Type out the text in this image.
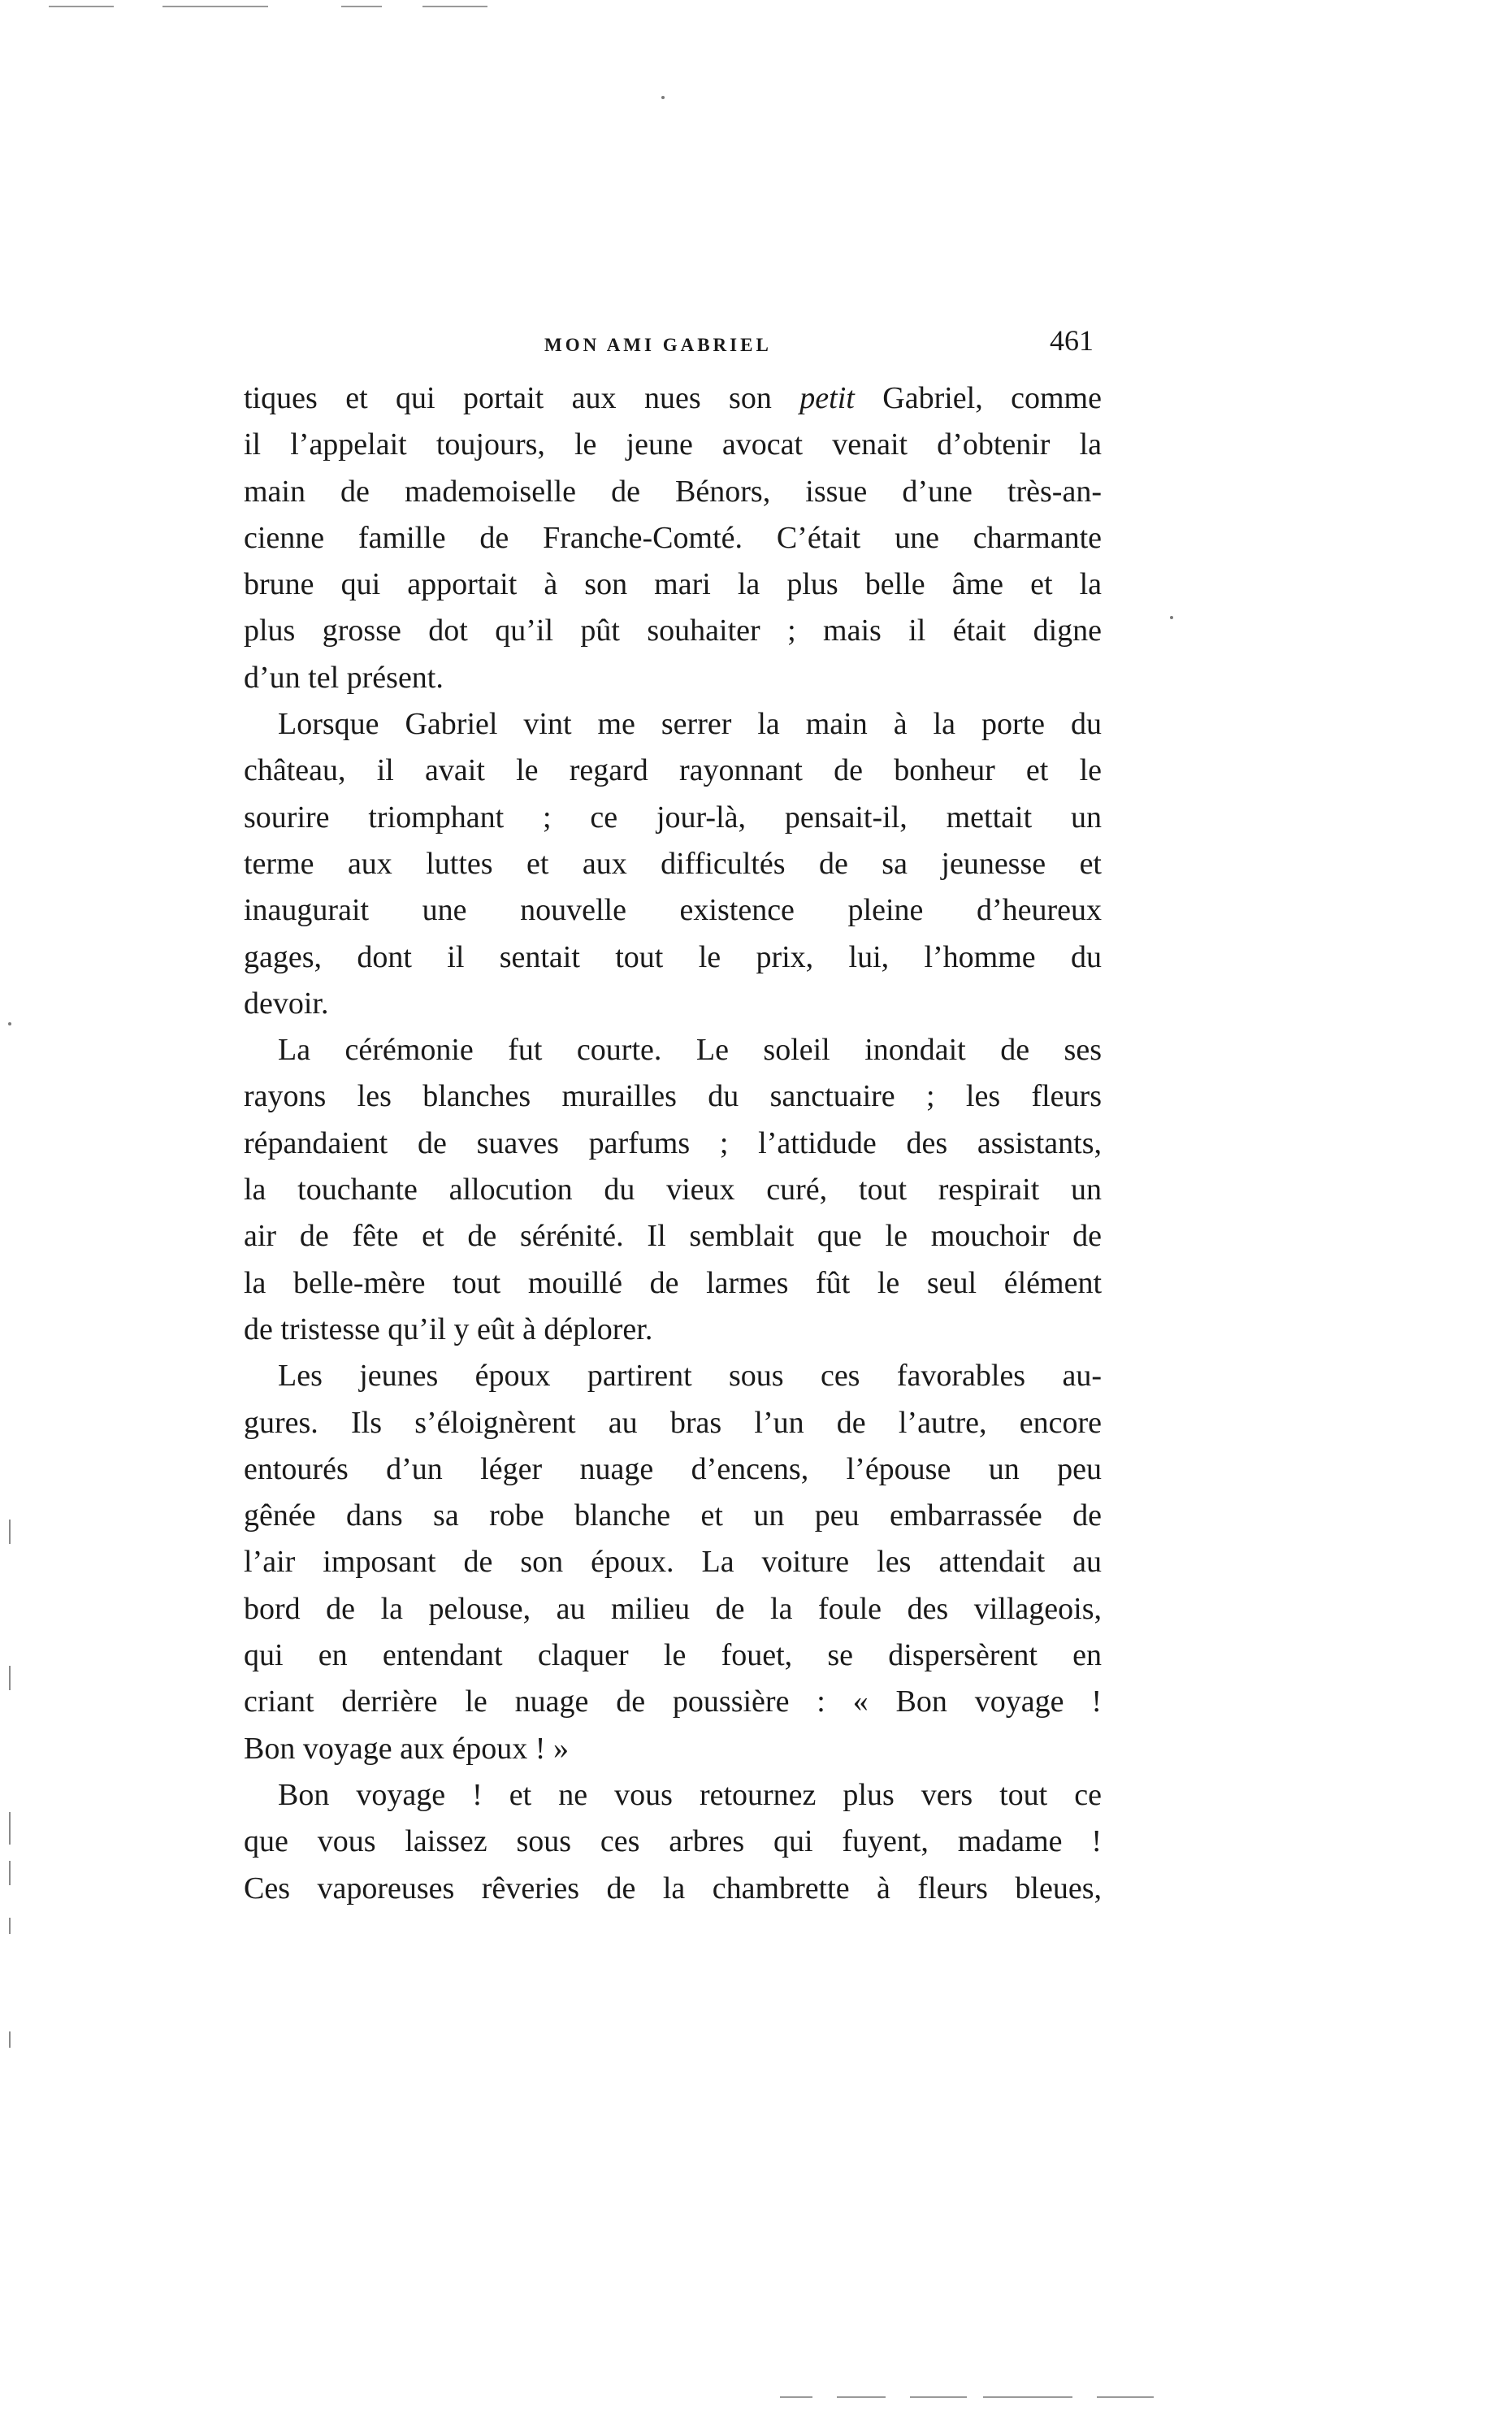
MON AMI GABRIEL	461
tiques et qui portait aux nues son petit Gabriel, comme
il l’appelait toujours, le jeune avocat venait d’obtenir la
main de mademoiselle de Bénors, issue d’une très-an-
cienne famille de Franche-Comté. C’était une charmante
brune qui apportait à son mari la plus belle âme et la
plus grosse dot qu’il pût souhaiter ; mais il était digne
d’un tel présent.
Lorsque Gabriel vint me serrer la main à la porte du
château, il avait le regard rayonnant de bonheur et le
sourire triomphant ; ce jour-là, pensait-il, mettait un
terme aux luttes et aux difficultés de sa jeunesse et
inaugurait une nouvelle existence pleine d’heureux
gages, dont il sentait tout le prix, lui, l’homme du
devoir.
La cérémonie fut courte. Le soleil inondait de ses
rayons les blanches murailles du sanctuaire ; les fleurs
répandaient de suaves parfums ; l’attidude des assistants,
la touchante allocution du vieux curé, tout respirait un
air de fête et de sérénité. Il semblait que le mouchoir de
la belle-mère tout mouillé de larmes fût le seul élément
de tristesse qu’il y eût à déplorer.
Les jeunes époux partirent sous ces favorables au-
gures. Ils s’éloignèrent au bras l’un de l’autre, encore
entourés d’un léger nuage d’encens, l’épouse un peu
gênée dans sa robe blanche et un peu embarrassée de
l’air imposant de son époux. La voiture les attendait au
bord de la pelouse, au milieu de la foule des villageois,
qui en entendant claquer le fouet, se dispersèrent en
criant derrière le nuage de poussière : « Bon voyage !
Bon voyage aux époux ! »
Bon voyage ! et ne vous retournez plus vers tout ce
que vous laissez sous ces arbres qui fuyent, madame !
Ces vaporeuses rêveries de la chambrette à fleurs bleues,
